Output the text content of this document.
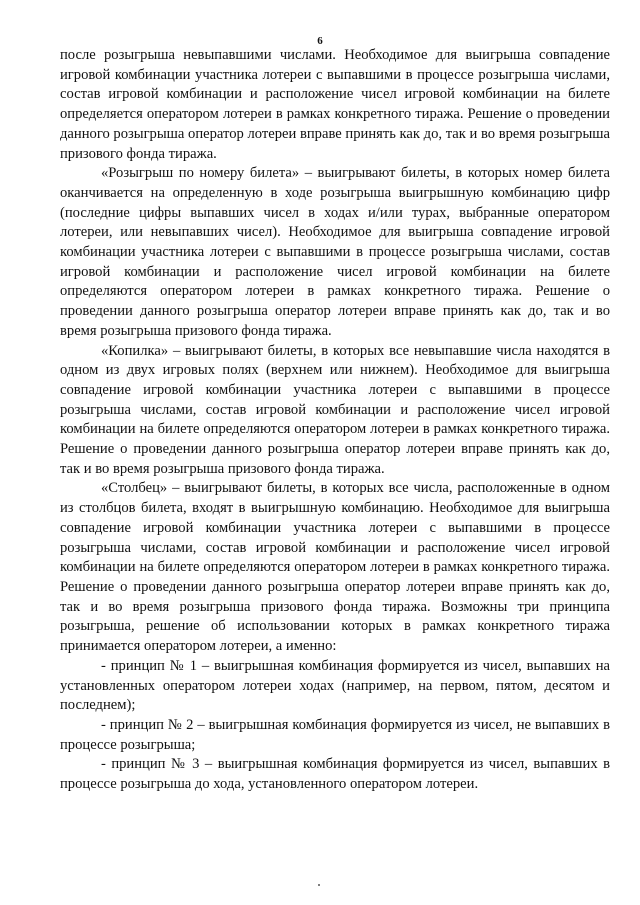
6

после розыгрыша невыпавшими числами. Необходимое для выигрыша совпадение игровой комбинации участника лотереи с выпавшими в процессе розыгрыша числами, состав игровой комбинации и расположение чисел игровой комбинации на билете определяется оператором лотереи в рамках конкретного тиража. Решение о проведении данного розыгрыша оператор лотереи вправе принять как до, так и во время розыгрыша призового фонда тиража.

«Розыгрыш по номеру билета» – выигрывают билеты, в которых номер билета оканчивается на определенную в ходе розыгрыша выигрышную комбинацию цифр (последние цифры выпавших чисел в ходах и/или турах, выбранные оператором лотереи, или невыпавших чисел). Необходимое для выигрыша совпадение игровой комбинации участника лотереи с выпавшими в процессе розыгрыша числами, состав игровой комбинации и расположение чисел игровой комбинации на билете определяются оператором лотереи в рамках конкретного тиража. Решение о проведении данного розыгрыша оператор лотереи вправе принять как до, так и во время розыгрыша призового фонда тиража.

«Копилка» – выигрывают билеты, в которых все невыпавшие числа находятся в одном из двух игровых полях (верхнем или нижнем). Необходимое для выигрыша совпадение игровой комбинации участника лотереи с выпавшими в процессе розыгрыша числами, состав игровой комбинации и расположение чисел игровой комбинации на билете определяются оператором лотереи в рамках конкретного тиража. Решение о проведении данного розыгрыша оператор лотереи вправе принять как до, так и во время розыгрыша призового фонда тиража.

«Столбец» – выигрывают билеты, в которых все числа, расположенные в одном из столбцов билета, входят в выигрышную комбинацию. Необходимое для выигрыша совпадение игровой комбинации участника лотереи с выпавшими в процессе розыгрыша числами, состав игровой комбинации и расположение чисел игровой комбинации на билете определяются оператором лотереи в рамках конкретного тиража. Решение о проведении данного розыгрыша оператор лотереи вправе принять как до, так и во время розыгрыша призового фонда тиража. Возможны три принципа розыгрыша, решение об использовании которых в рамках конкретного тиража принимается оператором лотереи, а именно:

- принцип № 1 – выигрышная комбинация формируется из чисел, выпавших на установленных оператором лотереи ходах (например, на первом, пятом, десятом и последнем);

- принцип № 2 – выигрышная комбинация формируется из чисел, не выпавших в процессе розыгрыша;

- принцип № 3 – выигрышная комбинация формируется из чисел, выпавших в процессе розыгрыша до хода, установленного оператором лотереи.
